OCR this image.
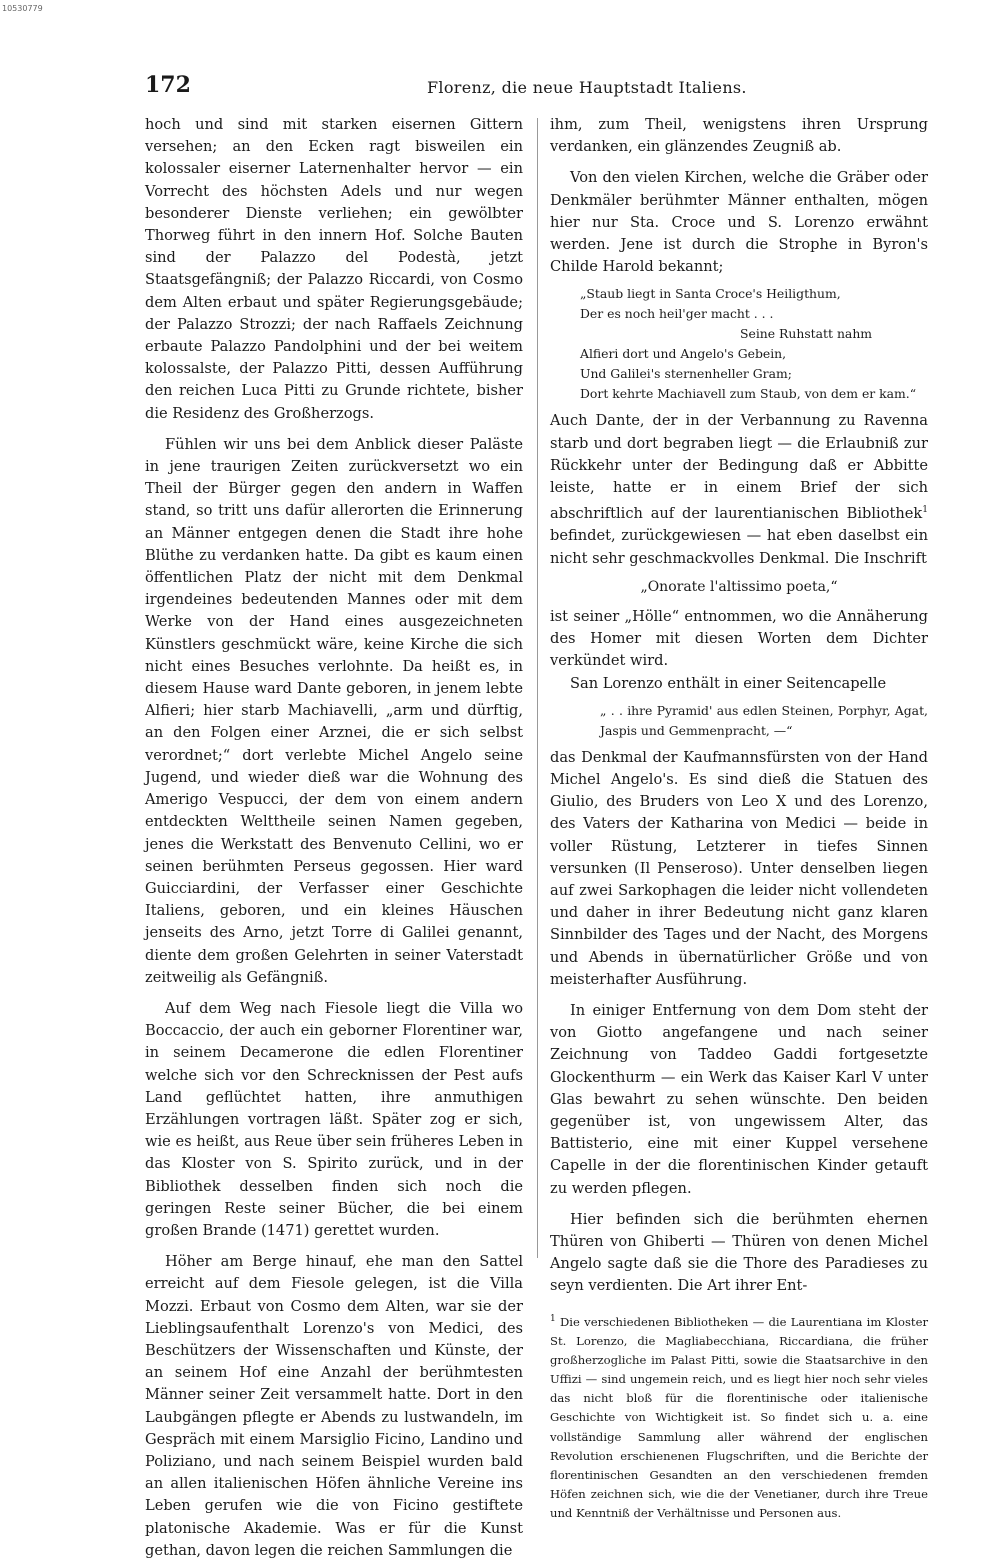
10530779
172	Florenz, die neue Hauptstadt Italiens.

hoch und sind mit starken eisernen Gittern versehen; an den Ecken ragt bisweilen ein kolossaler eiserner Laternenhalter hervor — ein Vorrecht des höchsten Adels und nur wegen besonderer Dienste verliehen; ein gewölbter Thorweg führt in den innern Hof. Solche Bauten sind der Palazzo del Podestà, jetzt Staatsgefängniß; der Palazzo Riccardi, von Cosmo dem Alten erbaut und später Regierungsgebäude; der Palazzo Strozzi; der nach Raffaels Zeichnung erbaute Palazzo Pandolphini und der bei weitem kolossalste, der Palazzo Pitti, dessen Aufführung den reichen Luca Pitti zu Grunde richtete, bisher die Residenz des Großherzogs.

Fühlen wir uns bei dem Anblick dieser Paläste in jene traurigen Zeiten zurückversetzt wo ein Theil der Bürger gegen den andern in Waffen stand, so tritt uns dafür allerorten die Erinnerung an Männer entgegen denen die Stadt ihre hohe Blüthe zu verdanken hatte. Da gibt es kaum einen öffentlichen Platz der nicht mit dem Denkmal irgendeines bedeutenden Mannes oder mit dem Werke von der Hand eines ausgezeichneten Künstlers geschmückt wäre, keine Kirche die sich nicht eines Besuches verlohnte. Da heißt es, in diesem Hause ward Dante geboren, in jenem lebte Alfieri; hier starb Machiavelli, „arm und dürftig, an den Folgen einer Arznei, die er sich selbst verordnet;“ dort verlebte Michel Angelo seine Jugend, und wieder dieß war die Wohnung des Amerigo Vespucci, der dem von einem andern entdeckten Welttheile seinen Namen gegeben, jenes die Werkstatt des Benvenuto Cellini, wo er seinen berühmten Perseus gegossen. Hier ward Guicciardini, der Verfasser einer Geschichte Italiens, geboren, und ein kleines Häuschen jenseits des Arno, jetzt Torre di Galilei genannt, diente dem großen Gelehrten in seiner Vaterstadt zeitweilig als Gefängniß.

Auf dem Weg nach Fiesole liegt die Villa wo Boccaccio, der auch ein geborner Florentiner war, in seinem Decamerone die edlen Florentiner welche sich vor den Schrecknissen der Pest aufs Land geflüchtet hatten, ihre anmuthigen Erzählungen vortragen läßt. Später zog er sich, wie es heißt, aus Reue über sein früheres Leben in das Kloster von S. Spirito zurück, und in der Bibliothek desselben finden sich noch die geringen Reste seiner Bücher, die bei einem großen Brande (1471) gerettet wurden.

Höher am Berge hinauf, ehe man den Sattel erreicht auf dem Fiesole gelegen, ist die Villa Mozzi. Erbaut von Cosmo dem Alten, war sie der Lieblingsaufenthalt Lorenzo's von Medici, des Beschützers der Wissenschaften und Künste, der an seinem Hof eine Anzahl der berühmtesten Männer seiner Zeit versammelt hatte. Dort in den Laubgängen pflegte er Abends zu lustwandeln, im Gespräch mit einem Marsiglio Ficino, Landino und Poliziano, und nach seinem Beispiel wurden bald an allen italienischen Höfen ähnliche Vereine ins Leben gerufen wie die von Ficino gestiftete platonische Akademie. Was er für die Kunst gethan, davon legen die reichen Sammlungen die

ihm, zum Theil, wenigstens ihren Ursprung verdanken, ein glänzendes Zeugniß ab.

Von den vielen Kirchen, welche die Gräber oder Denkmäler berühmter Männer enthalten, mögen hier nur Sta. Croce und S. Lorenzo erwähnt werden. Jene ist durch die Strophe in Byron's Childe Harold bekannt;

„Staub liegt in Santa Croce's Heiligthum,
Der es noch heil'ger macht . . .
Seine Ruhstatt nahm
Alfieri dort und Angelo's Gebein,
Und Galilei's sternenheller Gram;
Dort kehrte Machiavell zum Staub, von dem er kam.“

Auch Dante, der in der Verbannung zu Ravenna starb und dort begraben liegt — die Erlaubniß zur Rückkehr unter der Bedingung daß er Abbitte leiste, hatte er in einem Brief der sich abschriftlich auf der laurentianischen Bibliothek$^1$ befindet, zurückgewiesen — hat eben daselbst ein nicht sehr geschmackvolles Denkmal. Die Inschrift

„Onorate l'altissimo poeta,“

ist seiner „Hölle“ entnommen, wo die Annäherung des Homer mit diesen Worten dem Dichter verkündet wird.

San Lorenzo enthält in einer Seitencapelle

„ . . ihre Pyramid' aus edlen Steinen, Porphyr, Agat, Jaspis und Gemmenpracht, —“

das Denkmal der Kaufmannsfürsten von der Hand Michel Angelo's. Es sind dieß die Statuen des Giulio, des Bruders von Leo X und des Lorenzo, des Vaters der Katharina von Medici — beide in voller Rüstung, Letzterer in tiefes Sinnen versunken (Il Penseroso). Unter denselben liegen auf zwei Sarkophagen die leider nicht vollendeten und daher in ihrer Bedeutung nicht ganz klaren Sinnbilder des Tages und der Nacht, des Morgens und Abends in übernatürlicher Größe und von meisterhafter Ausführung.

In einiger Entfernung von dem Dom steht der von Giotto angefangene und nach seiner Zeichnung von Taddeo Gaddi fortgesetzte Glockenthurm — ein Werk das Kaiser Karl V unter Glas bewahrt zu sehen wünschte. Den beiden gegenüber ist, von ungewissem Alter, das Battisterio, eine mit einer Kuppel versehene Capelle in der die florentinischen Kinder getauft zu werden pflegen.

Hier befinden sich die berühmten ehernen Thüren von Ghiberti — Thüren von denen Michel Angelo sagte daß sie die Thore des Paradieses zu seyn verdienten. Die Art ihrer Ent-

$^1$ Die verschiedenen Bibliotheken — die Laurentiana im Kloster St. Lorenzo, die Magliabecchiana, Riccardiana, die früher großherzogliche im Palast Pitti, sowie die Staatsarchive in den Uffizi — sind ungemein reich, und es liegt hier noch sehr vieles das nicht bloß für die florentinische oder italienische Geschichte von Wichtigkeit ist. So findet sich u. a. eine vollständige Sammlung aller während der englischen Revolution erschienenen Flugschriften, und die Berichte der florentinischen Gesandten an den verschiedenen fremden Höfen zeichnen sich, wie die der Venetianer, durch ihre Treue und Kenntniß der Verhältnisse und Personen aus.
